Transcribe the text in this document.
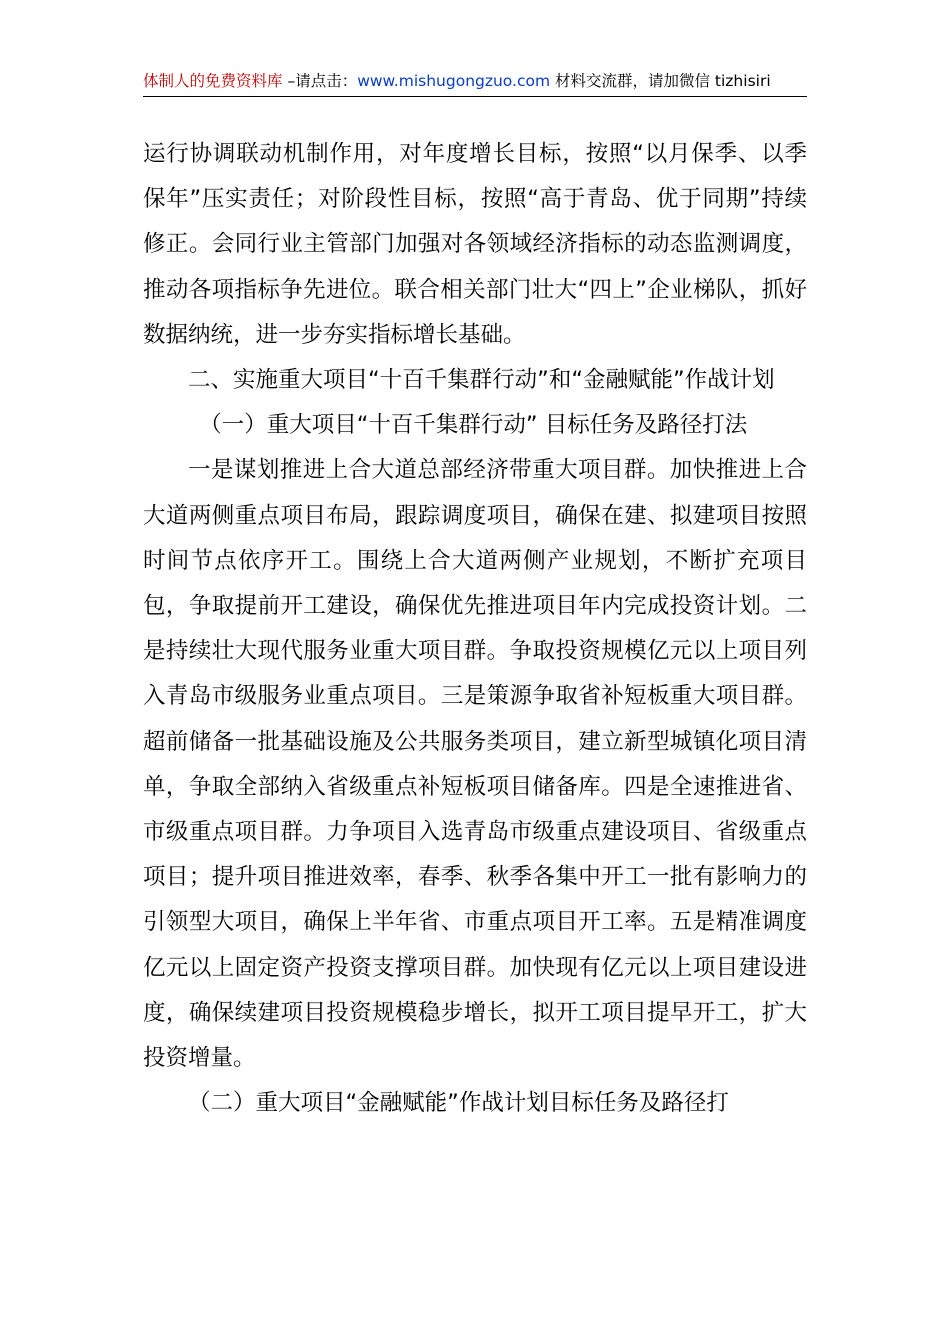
体制人的免费资料库 –请点击：www.mishugongzuo.com 材料交流群，请加微信 tizhisiri

运行协调联动机制作用，对年度增长目标，按照“以月保季、以季保年”压实责任；对阶段性目标，按照“高于青岛、优于同期”持续修正。会同行业主管部门加强对各领域经济指标的动态监测调度，推动各项指标争先进位。联合相关部门壮大“四上”企业梯队，抓好数据纳统，进一步夯实指标增长基础。

二、实施重大项目“十百千集群行动”和“金融赋能”作战计划

（一）重大项目“十百千集群行动” 目标任务及路径打法

一是谋划推进上合大道总部经济带重大项目群。加快推进上合大道两侧重点项目布局，跟踪调度项目，确保在建、拟建项目按照时间节点依序开工。围绕上合大道两侧产业规划，不断扩充项目包，争取提前开工建设，确保优先推进项目年内完成投资计划。二是持续壮大现代服务业重大项目群。争取投资规模亿元以上项目列入青岛市级服务业重点项目。三是策源争取省补短板重大项目群。超前储备一批基础设施及公共服务类项目，建立新型城镇化项目清单，争取全部纳入省级重点补短板项目储备库。四是全速推进省、市级重点项目群。力争项目入选青岛市级重点建设项目、省级重点项目；提升项目推进效率，春季、秋季各集中开工一批有影响力的引领型大项目，确保上半年省、市重点项目开工率。五是精准调度亿元以上固定资产投资支撑项目群。加快现有亿元以上项目建设进度，确保续建项目投资规模稳步增长，拟开工项目提早开工，扩大投资增量。

（二）重大项目“金融赋能”作战计划目标任务及路径打
